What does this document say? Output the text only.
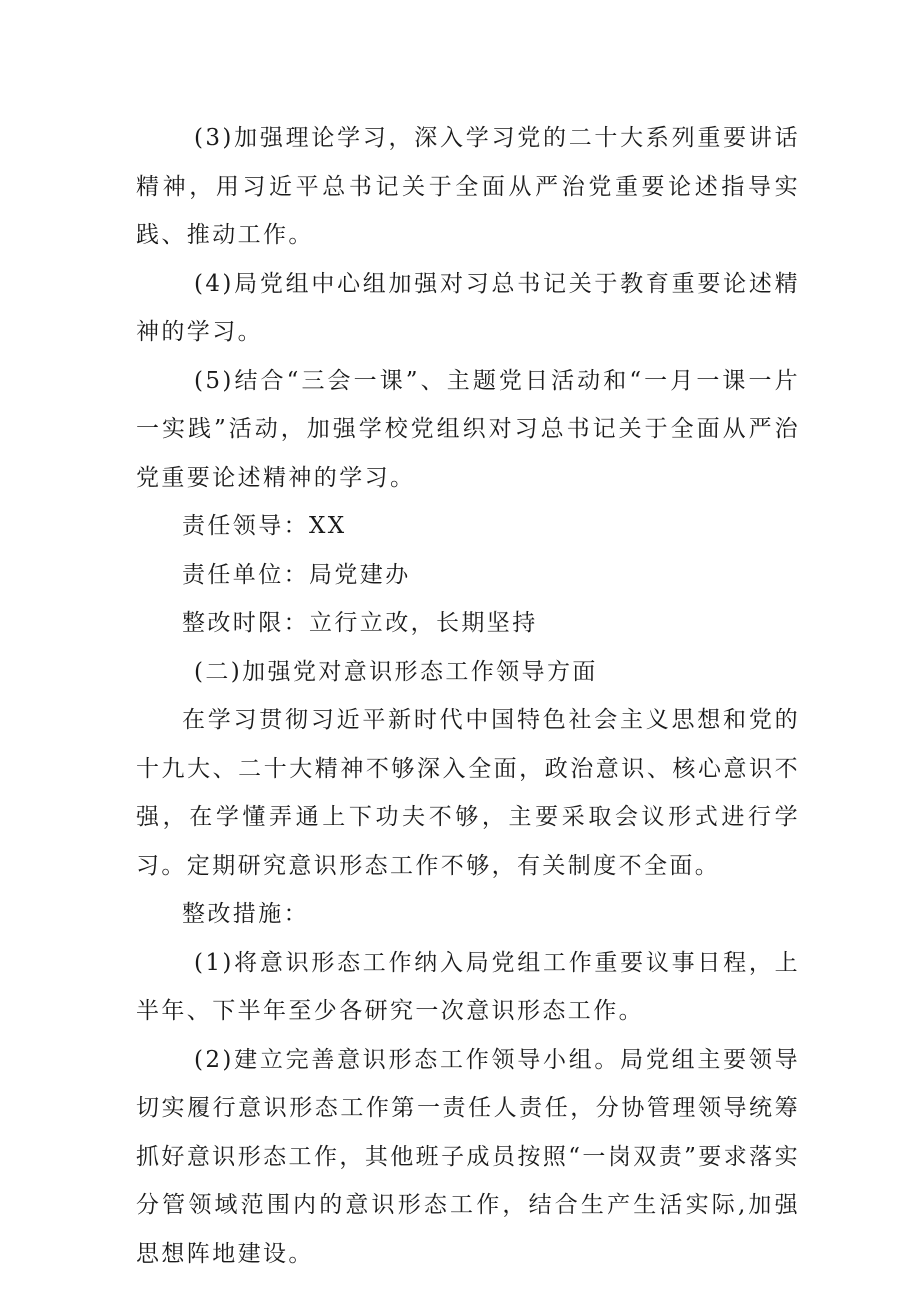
(3)加强理论学习，深入学习党的二十大系列重要讲话精神，用习近平总书记关于全面从严治党重要论述指导实践、推动工作。

(4)局党组中心组加强对习总书记关于教育重要论述精神的学习。

(5)结合“三会一课”、主题党日活动和“一月一课一片一实践”活动，加强学校党组织对习总书记关于全面从严治党重要论述精神的学习。

责任领导：XX

责任单位：局党建办

整改时限：立行立改，长期坚持

(二)加强党对意识形态工作领导方面

在学习贯彻习近平新时代中国特色社会主义思想和党的十九大、二十大精神不够深入全面，政治意识、核心意识不强，在学懂弄通上下功夫不够，主要采取会议形式进行学习。定期研究意识形态工作不够，有关制度不全面。

整改措施：

(1)将意识形态工作纳入局党组工作重要议事日程，上半年、下半年至少各研究一次意识形态工作。

(2)建立完善意识形态工作领导小组。局党组主要领导切实履行意识形态工作第一责任人责任，分协管理领导统筹抓好意识形态工作，其他班子成员按照“一岗双责”要求落实分管领域范围内的意识形态工作，结合生产生活实际,加强思想阵地建设。
